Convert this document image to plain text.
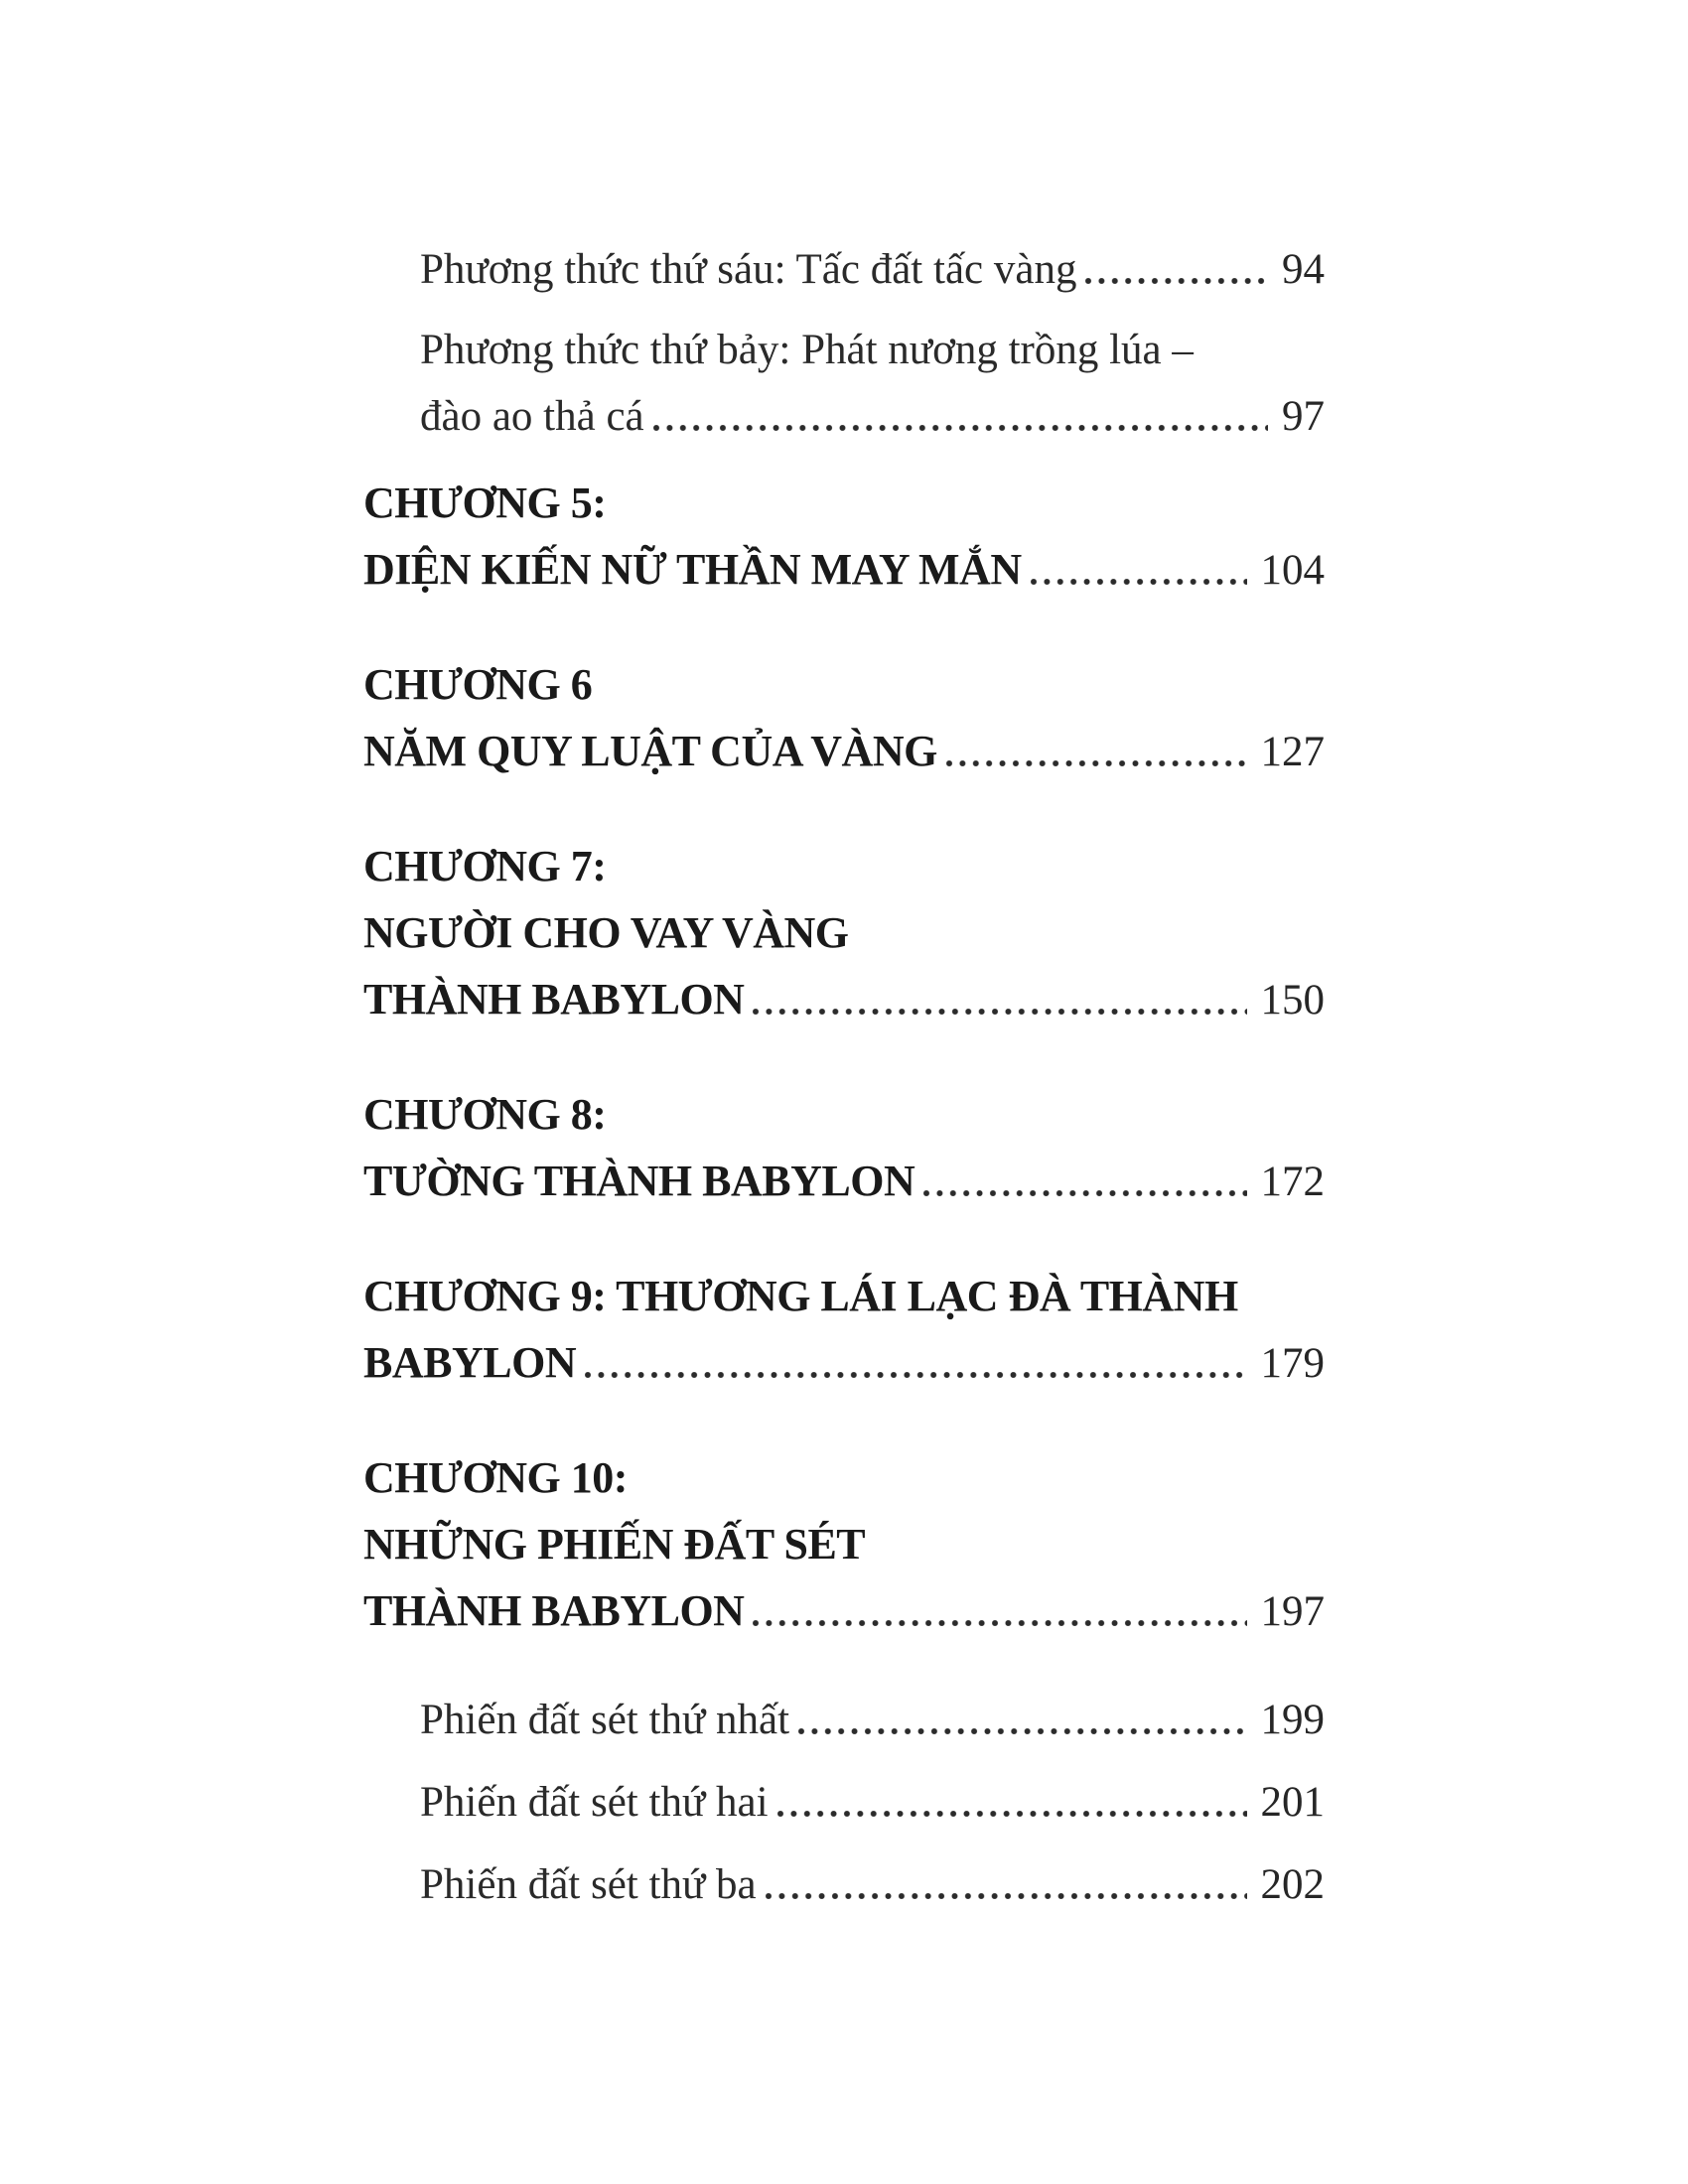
Phương thức thứ sáu: Tấc đất tấc vàng	94
Phương thức thứ bảy: Phát nương trồng lúa –
đào ao thả cá	97
CHƯƠNG 5:
DIỆN KIẾN NỮ THẦN MAY MẮN	104
CHƯƠNG 6
NĂM QUY LUẬT CỦA VÀNG	127
CHƯƠNG 7:
NGƯỜI CHO VAY VÀNG
THÀNH BABYLON	150
CHƯƠNG 8:
TƯỜNG THÀNH BABYLON	172
CHƯƠNG 9: THƯƠNG LÁI LẠC ĐÀ THÀNH
BABYLON	179
CHƯƠNG 10:
NHỮNG PHIẾN ĐẤT SÉT
THÀNH BABYLON	197
Phiến đất sét thứ nhất	199
Phiến đất sét thứ hai	201
Phiến đất sét thứ ba	202
